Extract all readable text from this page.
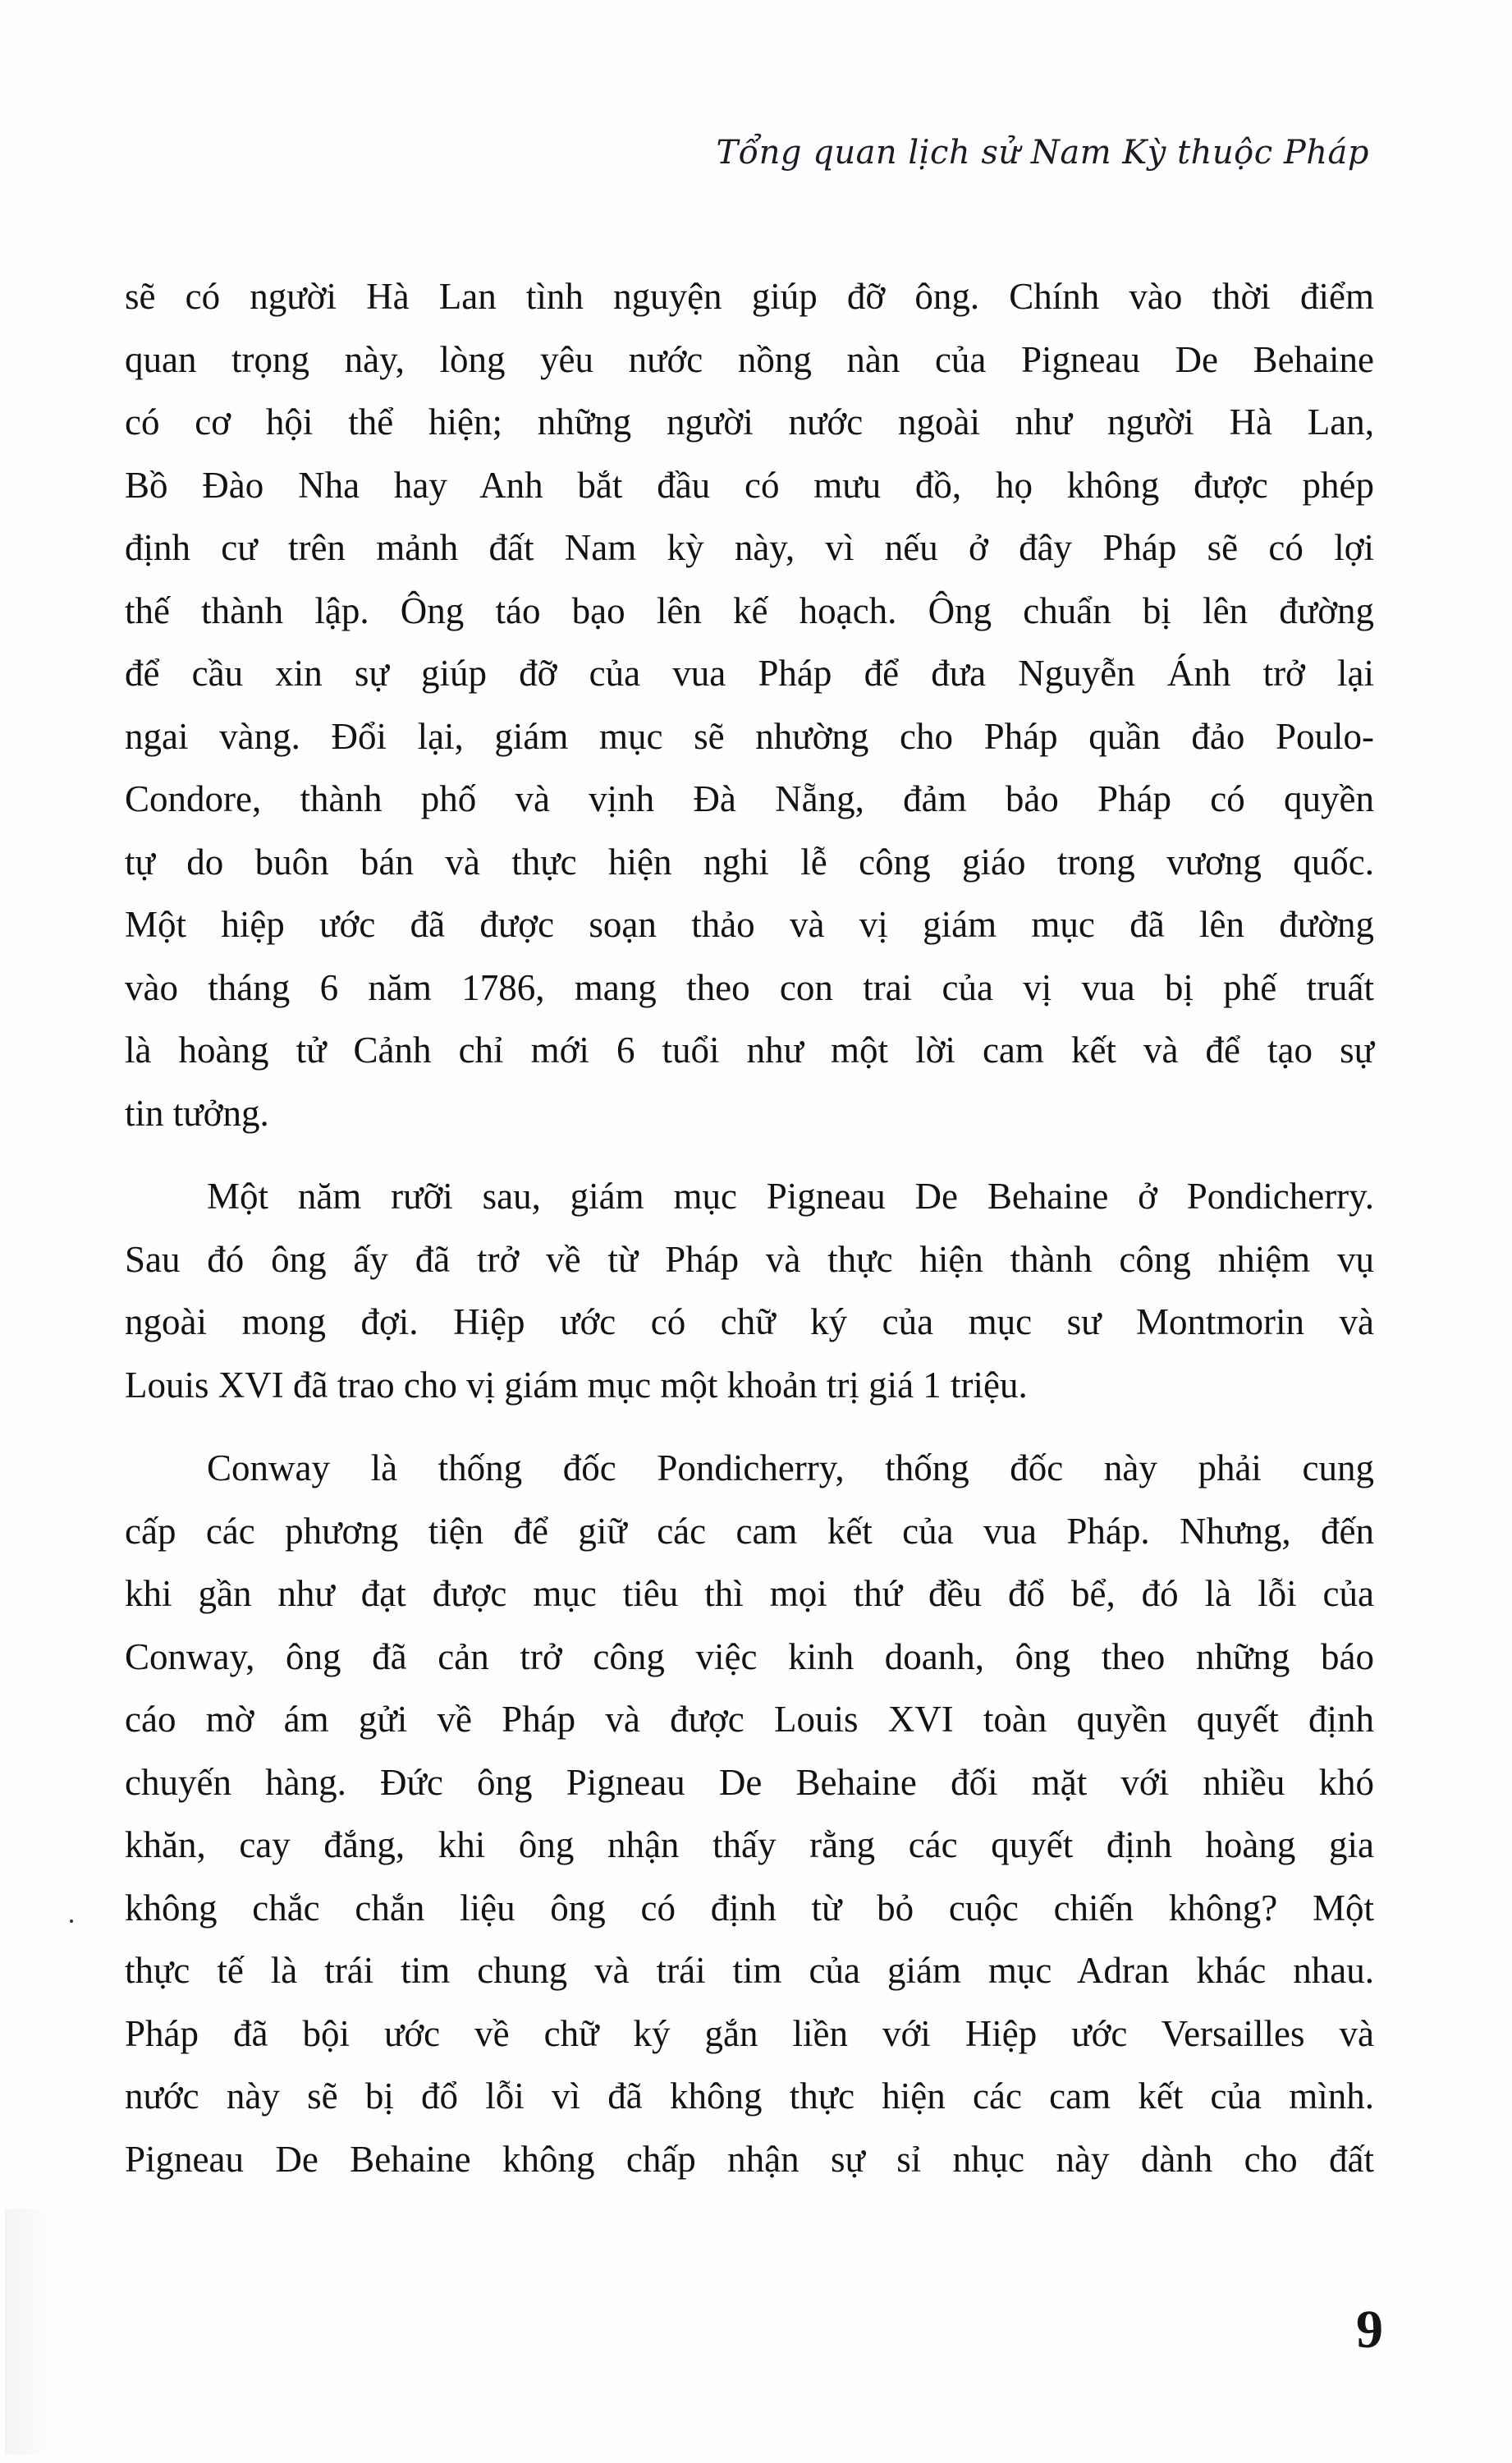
Tổng quan lịch sử Nam Kỳ thuộc Pháp
sẽ có người Hà Lan tình nguyện giúp đỡ ông. Chính vào thời điểm
quan trọng này, lòng yêu nước nồng nàn của Pigneau De Behaine
có cơ hội thể hiện; những người nước ngoài như người Hà Lan,
Bồ Đào Nha hay Anh bắt đầu có mưu đồ, họ không được phép
định cư trên mảnh đất Nam kỳ này, vì nếu ở đây Pháp sẽ có lợi
thế thành lập. Ông táo bạo lên kế hoạch. Ông chuẩn bị lên đường
để cầu xin sự giúp đỡ của vua Pháp để đưa Nguyễn Ánh trở lại
ngai vàng. Đổi lại, giám mục sẽ nhường cho Pháp quần đảo Poulo-
Condore, thành phố và vịnh Đà Nẵng, đảm bảo Pháp có quyền
tự do buôn bán và thực hiện nghi lễ công giáo trong vương quốc.
Một hiệp ước đã được soạn thảo và vị giám mục đã lên đường
vào tháng 6 năm 1786, mang theo con trai của vị vua bị phế truất
là hoàng tử Cảnh chỉ mới 6 tuổi như một lời cam kết và để tạo sự
tin tưởng.
Một năm rưỡi sau, giám mục Pigneau De Behaine ở Pondicherry.
Sau đó ông ấy đã trở về từ Pháp và thực hiện thành công nhiệm vụ
ngoài mong đợi. Hiệp ước có chữ ký của mục sư Montmorin và
Louis XVI đã trao cho vị giám mục một khoản trị giá 1 triệu.
Conway là thống đốc Pondicherry, thống đốc này phải cung
cấp các phương tiện để giữ các cam kết của vua Pháp. Nhưng, đến
khi gần như đạt được mục tiêu thì mọi thứ đều đổ bể, đó là lỗi của
Conway, ông đã cản trở công việc kinh doanh, ông theo những báo
cáo mờ ám gửi về Pháp và được Louis XVI toàn quyền quyết định
chuyến hàng. Đức ông Pigneau De Behaine đối mặt với nhiều khó
khăn, cay đắng, khi ông nhận thấy rằng các quyết định hoàng gia
không chắc chắn liệu ông có định từ bỏ cuộc chiến không? Một
thực tế là trái tim chung và trái tim của giám mục Adran khác nhau.
Pháp đã bội ước về chữ ký gắn liền với Hiệp ước Versailles và
nước này sẽ bị đổ lỗi vì đã không thực hiện các cam kết của mình.
Pigneau De Behaine không chấp nhận sự sỉ nhục này dành cho đất
9
